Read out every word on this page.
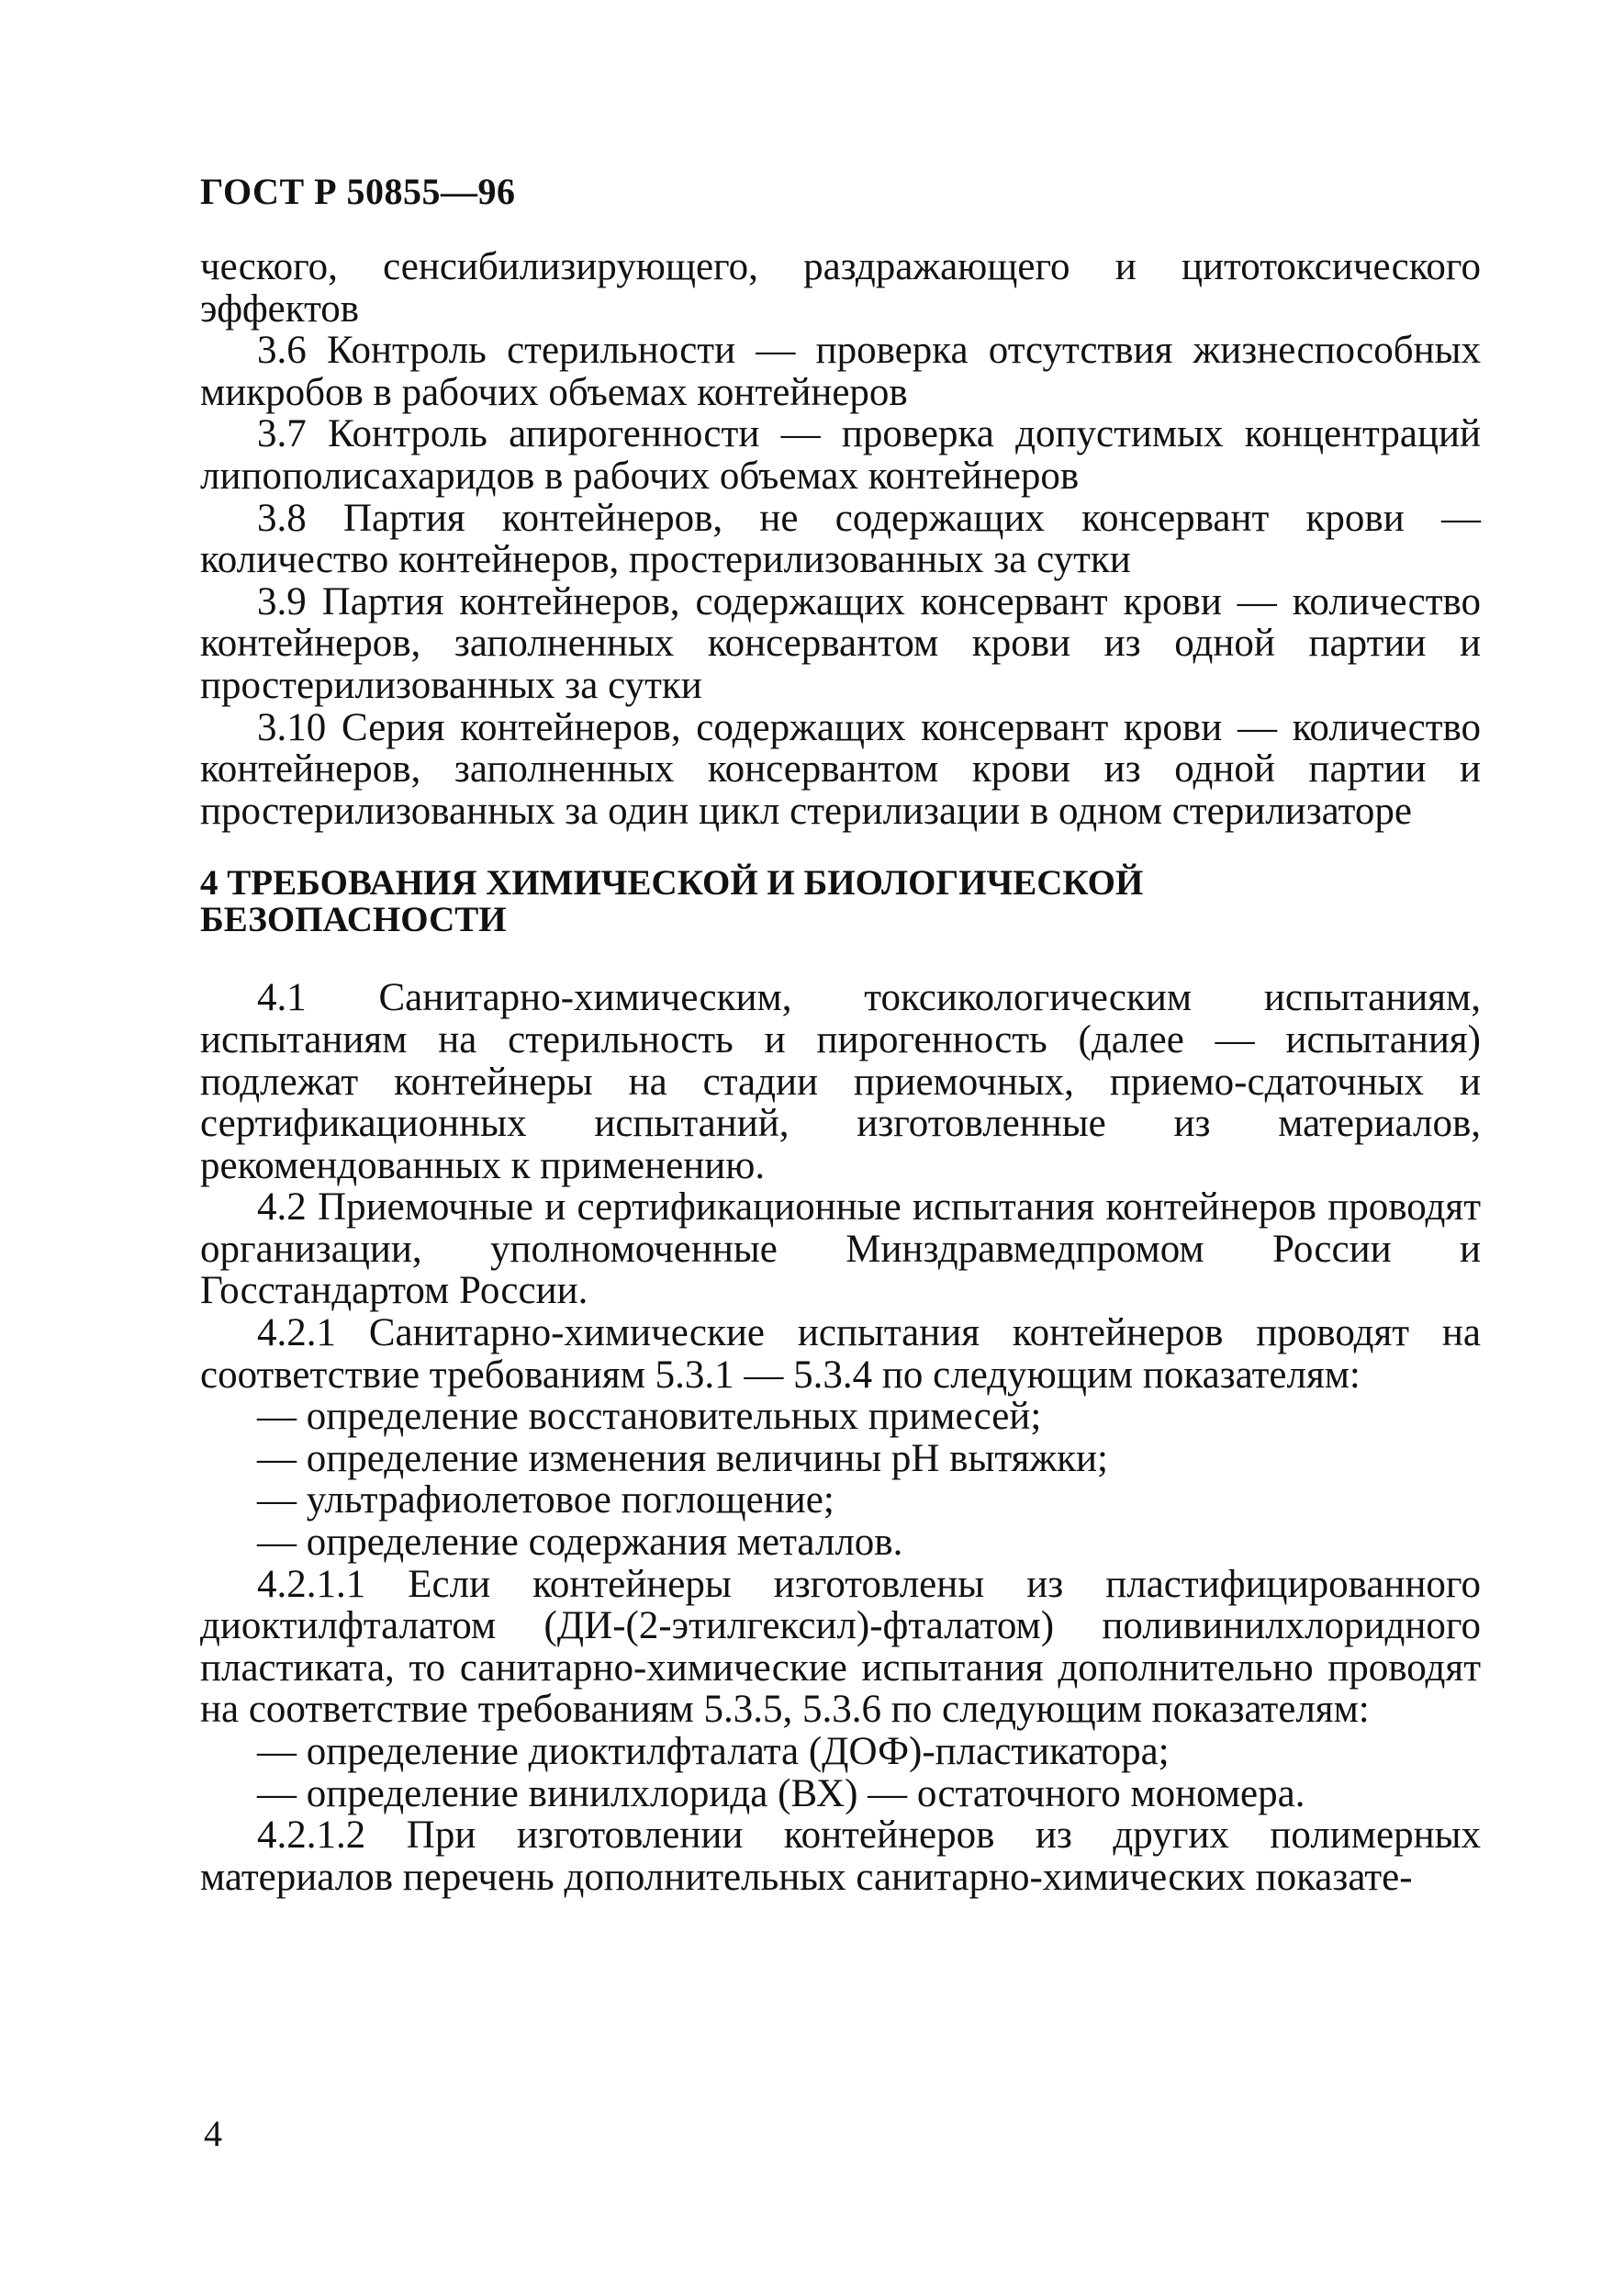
ГОСТ Р 50855—96

ческого, сенсибилизирующего, раздражающего и цитотоксического эффектов

3.6 Контроль стерильности — проверка отсутствия жизнеспособных микробов в рабочих объемах контейнеров

3.7 Контроль апирогенности — проверка допустимых концентраций липополисахаридов в рабочих объемах контейнеров

3.8 Партия контейнеров, не содержащих консервант крови — количество контейнеров, простерилизованных за сутки

3.9 Партия контейнеров, содержащих консервант крови — количество контейнеров, заполненных консервантом крови из одной партии и простерилизованных за сутки

3.10 Серия контейнеров, содержащих консервант крови — количество контейнеров, заполненных консервантом крови из одной партии и простерилизованных за один цикл стерилизации в одном стерилизаторе

4 ТРЕБОВАНИЯ ХИМИЧЕСКОЙ И БИОЛОГИЧЕСКОЙ БЕЗОПАСНОСТИ

4.1 Санитарно-химическим, токсикологическим испытаниям, испытаниям на стерильность и пирогенность (далее — испытания) подлежат контейнеры на стадии приемочных, приемо-сдаточных и сертификационных испытаний, изготовленные из материалов, рекомендованных к применению.

4.2 Приемочные и сертификационные испытания контейнеров проводят организации, уполномоченные Минздравмедпромом России и Госстандартом России.

4.2.1 Санитарно-химические испытания контейнеров проводят на соответствие требованиям 5.3.1 — 5.3.4 по следующим показателям:

— определение восстановительных примесей;

— определение изменения величины pH вытяжки;

— ультрафиолетовое поглощение;

— определение содержания металлов.

4.2.1.1 Если контейнеры изготовлены из пластифицированного диоктилфталатом (ДИ-(2-этилгексил)-фталатом) поливинилхлоридного пластиката, то санитарно-химические испытания дополнительно проводят на соответствие требованиям 5.3.5, 5.3.6 по следующим показателям:

— определение диоктилфталата (ДОФ)-пластикатора;

— определение винилхлорида (ВХ) — остаточного мономера.

4.2.1.2 При изготовлении контейнеров из других полимерных материалов перечень дополнительных санитарно-химических показате-

4
